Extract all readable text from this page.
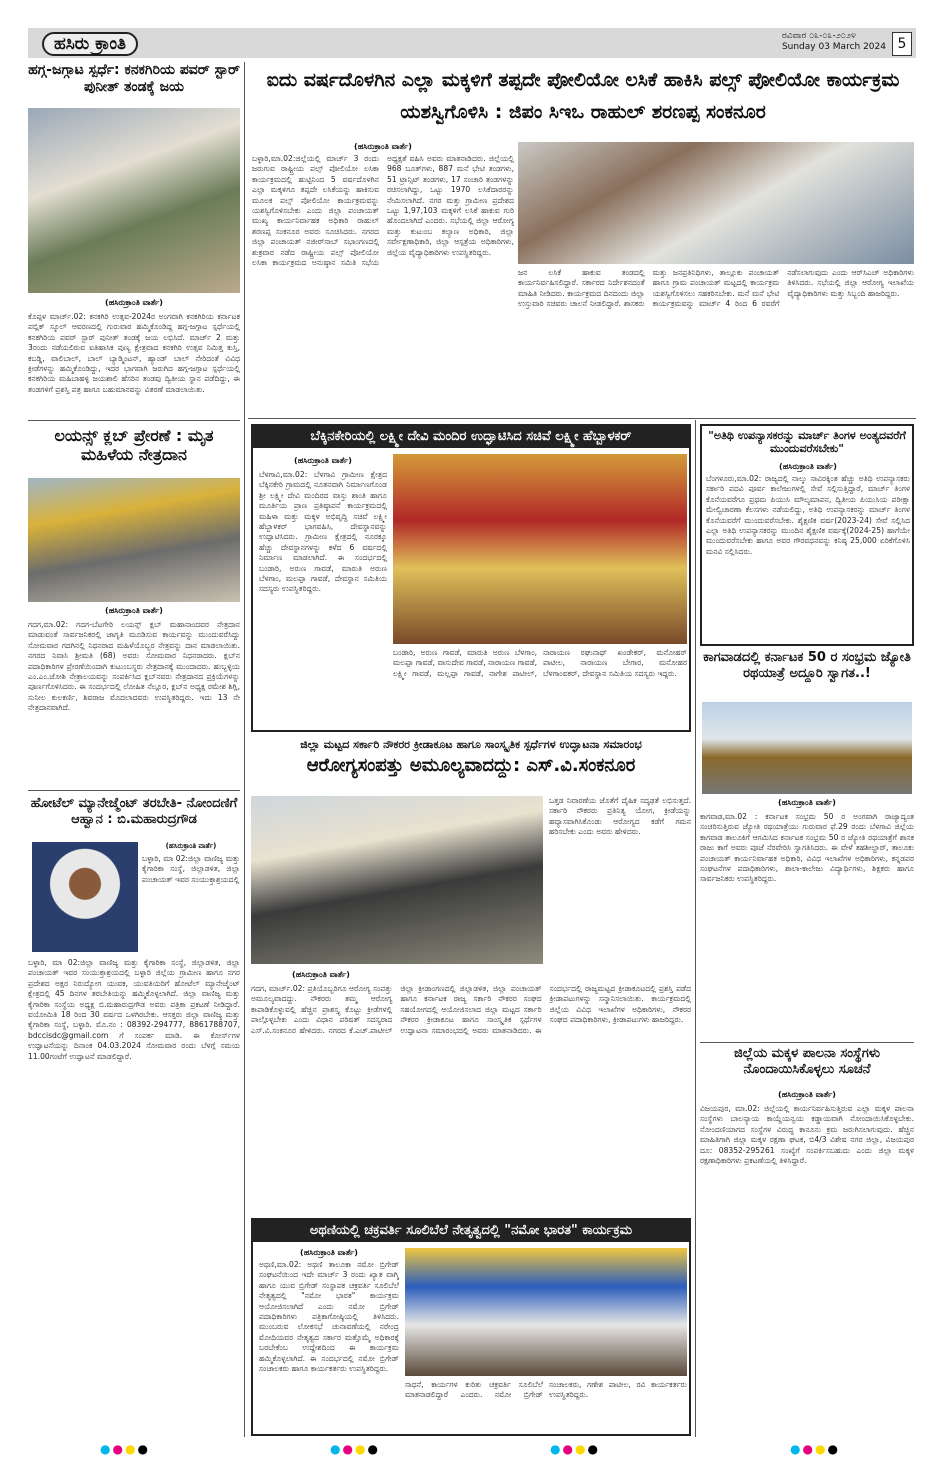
ಹಸಿರು ಕ್ರಾಂತಿ	ರವಿವಾರ ೦೩-೦೩-೨೦೨೪
Sunday 03 March 2024 5
ಹಗ್ಗ-ಜಗ್ಗಾಟ ಸ್ಪರ್ಧೆ: ಕನಕಗಿರಿಯ ಪವರ್ ಸ್ಟಾರ್ ಪುನೀತ್ ತಂಡಕ್ಕೆ ಜಯ
(ಹಸಿರುಕ್ರಾಂತಿ ವಾರ್ತೆ)
ಕೊಪ್ಪಳ ಮಾರ್ಚ್.02: ಕನಕಗಿರಿ ಉತ್ಸವ-2024ರ ಅಂಗವಾಗಿ ಕನಕಗಿರಿಯ ಕರ್ನಾಟಕ ಪಬ್ಲಿಕ್ ಸ್ಕೂಲ್ ಆವರಣದಲ್ಲಿ ಗುರುವಾರ ಹಮ್ಮಿಕೊಂಡಿದ್ದ ಹಗ್ಗ-ಜಗ್ಗಾಟ ಸ್ಪರ್ಧೆಯಲ್ಲಿ ಕನಕಗಿರಿಯ ಪವರ್ ಸ್ಟಾರ್ ಪುನೀತ್ ತಂಡಕ್ಕೆ ಜಯ ಲಭಿಸಿದೆ. ಮಾರ್ಚ್ 2 ಮತ್ತು 3ರಂದು ನಡೆಯಲಿರುವ ಐತಿಹಾಸಿಕ ಪುಣ್ಯ ಕ್ಷೇತ್ರವಾದ ಕನಕಗಿರಿ ಉತ್ಸವ ನಿಮಿತ್ತ ಕುಸ್ತಿ, ಕಬಡ್ಡಿ, ವಾಲಿಬಾಲ್, ಬಾಲ್ ಬ್ಯಾಡ್ಮಿಂಟನ್, ಹ್ಯಾಂಡ್ ಬಾಲ್ ನೇರಿದಂತೆ ವಿವಿಧ ಕ್ರೀಡೆಗಳನ್ನು ಹಮ್ಮಿಕೊಂಡಿದ್ದು, ಇದರ ಭಾಗವಾಗಿ ಜರುಗಿದ ಹಗ್ಗ-ಜಗ್ಗಾಟ ಸ್ಪರ್ಧೆಯಲ್ಲಿ ಕನಕಗಿರಿಯ ಮಹಿಬಾಹಳ್ಳಿ ಜಯಶಾಲಿ ಹೆಸರಿನ ತಂಡವು ದ್ವಿತೀಯ ಸ್ಥಾನ ಪಡೆದಿದ್ದು, ಈ ತಂಡಗಳಿಗೆ ಪ್ರಶಸ್ತಿ ಪತ್ರ ಹಾಗೂ ಬಹುಮಾನವನ್ನು ವಿತರಣೆ ಮಾಡಲಾಯಿತು.
ಲಯನ್ಸ್ ಕ್ಲಬ್ ಪ್ರೇರಣೆ : ಮೃತ ಮಹಿಳೆಯ ನೇತ್ರದಾನ
(ಹಸಿರುಕ್ರಾಂತಿ ವಾರ್ತೆ)
ಗದಗ,ಮಾ.02: ಗದಗ-ಬೆಟಗೇರಿ ಲಯನ್ಸ್ ಕ್ಲಬ್ ಮಹಾನಾಂದವರ ನೇತ್ರದಾನ ಮಾಡುವಂತೆ ಸಾರ್ವಜನಿಕರಲ್ಲಿ ಜಾಗೃತಿ ಮೂಡಿಸುವ ಕಾರ್ಯವನ್ನು ಮುಂದುವರೆಸಿದ್ದು ಸೋಮವಾರ ಗದಗಿನಲ್ಲಿ ನಿಧನರಾದ ಮಹಿಳೆಯೊಬ್ಬರ ನೇತ್ರವನ್ನು ದಾನ ಮಾಡಲಾಯಿತು. ನಗರದ ನಿವಾಸಿ ಶ್ರೀಮತಿ (68) ಅವರು ಸೋಮವಾರ ನಿಧನರಾದರು. ಕ್ಲಬ್‌ನ ಪದಾಧಿಕಾರಿಗಳ ಪ್ರೇರಣೆಯಿಂದಾಗಿ ಕುಟುಂಬಸ್ಥರು ನೇತ್ರದಾನಕ್ಕೆ ಮುಂದಾದರು. ಹುಬ್ಬಳ್ಳಿಯ ಎಂ.ಎಂ.ಜೋಶಿ ನೇತ್ರಾಲಯವನ್ನು ಸಂಪರ್ಕಿಸಿದ ಕ್ಲಬ್‌ನವರು ನೇತ್ರದಾನದ ಪ್ರಕ್ರಿಯೆಗಳನ್ನು ಪೂರ್ಣಗೊಳಿಸಿದರು. ಈ ಸಂದರ್ಭದಲ್ಲಿ ಲೋಹಿತ ನೆಲ್ಲೂರ, ಕ್ಲಬ್‌ನ ಅಧ್ಯಕ್ಷ ರಮೇಶ ಶಿಗ್ಲಿ, ಸುನೀಲ ಕುಲಕರ್ಣಿ, ಶಿವರಾಜ ಮೊದಲಾದವರು ಉಪಸ್ಥಿತರಿದ್ದರು. ಇದು 13 ನೇ ನೇತ್ರದಾನವಾಗಿದೆ.
ಹೋಟೆಲ್ ಮ್ಯಾನೇಜ್ಮೆಂಟ್ ತರಬೇತಿ- ನೋಂದಣಿಗೆ ಆಹ್ವಾನ : ಬಿ.ಮಹಾರುದ್ರಗೌಡ
(ಹಸಿರುಕ್ರಾಂತಿ ವಾರ್ತೆ)
ಬಳ್ಳಾರಿ, ಮಾ 02:ಜಿಲ್ಲಾ ವಾಣಿಜ್ಯ ಮತ್ತು ಕೈಗಾರಿಕಾ ಸಂಸ್ಥೆ, ಜಿಲ್ಲಾಡಳಿತ, ಜಿಲ್ಲಾ ಪಂಚಾಯತ್ ಇವರ ಸಂಯುಕ್ತಾಶ್ರಯದಲ್ಲಿ
ಬಳ್ಳಾರಿ, ಮಾ 02:ಜಿಲ್ಲಾ ವಾಣಿಜ್ಯ ಮತ್ತು ಕೈಗಾರಿಕಾ ಸಂಸ್ಥೆ, ಜಿಲ್ಲಾಡಳಿತ, ಜಿಲ್ಲಾ ಪಂಚಾಯತ್ ಇವರ ಸಂಯುಕ್ತಾಶ್ರಯದಲ್ಲಿ ಬಳ್ಳಾರಿ ಜಿಲ್ಲೆಯ ಗ್ರಾಮೀಣ ಹಾಗೂ ನಗರ ಪ್ರದೇಶದ ಅಕ್ಷರ ನಿರುದ್ಯೋಗ ಯುವಕ, ಯುವತಿಯರಿಗೆ ಹೋಟೆಲ್ ಮ್ಯಾನೇಜ್ಮೆಂಟ್ ಕ್ಷೇತ್ರದಲ್ಲಿ 45 ದಿನಗಳ ತರಬೇತಿಯನ್ನು ಹಮ್ಮಿಕೊಳ್ಳಲಾಗಿದೆ. ಜಿಲ್ಲಾ ವಾಣಿಜ್ಯ ಮತ್ತು ಕೈಗಾರಿಕಾ ಸಂಸ್ಥೆಯ ಅಧ್ಯಕ್ಷ ಬಿ.ಮಹಾರುದ್ರಗೌಡ ಅವರು ಪತ್ರಿಕಾ ಪ್ರಕಟಣೆ ನೀಡಿದ್ದಾರೆ. ವಯೋಮಿತಿ 18 ರಿಂದ 30 ವರ್ಷದ ಒಳಗಿರಬೇಕು. ಆಸಕ್ತರು ಜಿಲ್ಲಾ ವಾಣಿಜ್ಯ ಮತ್ತು ಕೈಗಾರಿಕಾ ಸಂಸ್ಥೆ, ಬಳ್ಳಾರಿ. ಮೊ.ನಂ : 08392-294777, 8861788707, bdccisdc@gmail.com ಗೆ ಸಂಪರ್ಕ ಮಾಡಿ. ಈ ಕೋರ್ಸ್‌ಗಳ ಉದ್ಘಾಟನೆಯನ್ನು ದಿನಾಂಕ 04.03.2024 ಸೋಮವಾರ ರಂದು ಬೆಳಗ್ಗೆ ಸಮಯ 11.00ಗಂಟೆಗೆ ಉದ್ಘಾಟನೆ ಮಾಡಲಿದ್ದಾರೆ.
ಐದು ವರ್ಷದೊಳಗಿನ ಎಲ್ಲಾ ಮಕ್ಕಳಿಗೆ ತಪ್ಪದೇ ಪೋಲಿಯೋ ಲಸಿಕೆ ಹಾಕಿಸಿ ಪಲ್ಸ್ ಪೋಲಿಯೋ ಕಾರ್ಯಕ್ರಮ ಯಶಸ್ವಿಗೊಳಿಸಿ : ಜಿಪಂ ಸಿಇಒ ರಾಹುಲ್ ಶರಣಪ್ಪ ಸಂಕನೂರ
(ಹಸಿರುಕ್ರಾಂತಿ ವಾರ್ತೆ)
ಬಳ್ಳಾರಿ,ಮಾ.02:ಜಿಲ್ಲೆಯಲ್ಲಿ ಮಾರ್ಚ್ 3 ರಂದು ಜರುಗುವ ರಾಷ್ಟ್ರೀಯ ಪಲ್ಸ್ ಪೋಲಿಯೋ ಲಸಿಕಾ ಕಾರ್ಯಕ್ರಮದಲ್ಲಿ ಹುಟ್ಟಿನಿಂದ 5 ವರ್ಷದೊಳಗಿನ ಎಲ್ಲಾ ಮಕ್ಕಳಿಗೂ ತಪ್ಪದೇ ಲಸಿಕೆಯನ್ನು ಹಾಕಿಸುವ ಮೂಲಕ ಪಲ್ಸ್ ಪೋಲಿಯೋ ಕಾರ್ಯಕ್ರಮವನ್ನು ಯಶಸ್ವಿಗೊಳಿಸಬೇಕು ಎಂದು ಜಿಲ್ಲಾ ಪಂಚಾಯತ್ ಮುಖ್ಯ ಕಾರ್ಯನಿರ್ವಾಹಕ ಅಧಿಕಾರಿ ರಾಹುಲ್ ಶರಣಪ್ಪ ಸಂಕನೂರ ಅವರು ಸೂಚಿಸಿದರು. ನಗರದ ಜಿಲ್ಲಾ ಪಂಚಾಯತ್ ನಜೀರ್‌ಸಾಬ್ ಸಭಾಂಗಣದಲ್ಲಿ ಶುಕ್ರವಾರ ನಡೆದ ರಾಷ್ಟ್ರೀಯ ಪಲ್ಸ್ ಪೋಲಿಯೋ ಲಸಿಕಾ ಕಾರ್ಯಕ್ರಮದ ಅನುಷ್ಠಾನ ಸಮಿತಿ ಸಭೆಯ ಅಧ್ಯಕ್ಷತೆ ವಹಿಸಿ ಅವರು ಮಾತನಾಡಿದರು. ಜಿಲ್ಲೆಯಲ್ಲಿ 968 ಬೂತ್‌ಗಳು, 887 ಮನೆ ಭೇಟಿ ತಂಡಗಳು, 51 ಟ್ರಾನ್ಸಿಟ್ ತಂಡಗಳು, 17 ಸಂಚಾರಿ ತಂಡಗಳನ್ನು ರಚಿಸಲಾಗಿದ್ದು, ಒಟ್ಟು 1970 ಲಸಿಕೆದಾರರನ್ನು ನೇಮಿಸಲಾಗಿದೆ. ನಗರ ಮತ್ತು ಗ್ರಾಮೀಣ ಪ್ರದೇಶದ ಒಟ್ಟು 1,97,103 ಮಕ್ಕಳಿಗೆ ಲಸಿಕೆ ಹಾಕುವ ಗುರಿ ಹೊಂದಲಾಗಿದೆ ಎಂದರು. ಸಭೆಯಲ್ಲಿ ಜಿಲ್ಲಾ ಆರೋಗ್ಯ ಮತ್ತು ಕುಟುಂಬ ಕಲ್ಯಾಣ ಅಧಿಕಾರಿ, ಜಿಲ್ಲಾ ಸರ್ವೇಕ್ಷಣಾಧಿಕಾರಿ, ಜಿಲ್ಲಾ ಆಸ್ಪತ್ರೆಯ ಅಧಿಕಾರಿಗಳು, ಜಿಲ್ಲೆಯ ವೈದ್ಯಾಧಿಕಾರಿಗಳು ಉಪಸ್ಥಿತರಿದ್ದರು.
ಜನ ಲಸಿಕೆ ಹಾಕುವ ತಂಡದಲ್ಲಿ ಕಾರ್ಯನಿರ್ವಹಿಸಲಿದ್ದಾರೆ. ಸರ್ಕಾರದ ನಿರ್ದೇಶನದಂತೆ ಮಾಹಿತಿ ನೀಡಿದರು. ಕಾರ್ಯಕ್ರಮದ ದಿನದಂದು ಜಿಲ್ಲಾ ಉಸ್ತುವಾರಿ ಸಚಿವರು ಚಾಲನೆ ನೀಡಲಿದ್ದಾರೆ. ಶಾಸಕರು ಮತ್ತು ಜನಪ್ರತಿನಿಧಿಗಳು, ತಾಲ್ಲೂಕು ಪಂಚಾಯತ್ ಹಾಗೂ ಗ್ರಾಮ ಪಂಚಾಯತ್ ಮಟ್ಟದಲ್ಲಿ ಕಾರ್ಯಕ್ರಮ ಯಶಸ್ವಿಗೊಳಿಸಲು ಸಹಕರಿಸಬೇಕು. ಮನೆ ಮನೆ ಭೇಟಿ ಕಾರ್ಯಕ್ರಮವನ್ನು ಮಾರ್ಚ್ 4 ರಿಂದ 6 ರವರೆಗೆ ನಡೆಸಲಾಗುವುದು ಎಂದು ಆರ್‌ಸಿಎಚ್ ಅಧಿಕಾರಿಗಳು ತಿಳಿಸಿದರು. ಸಭೆಯಲ್ಲಿ ಜಿಲ್ಲಾ ಆರೋಗ್ಯ ಇಲಾಖೆಯ ವೈದ್ಯಾಧಿಕಾರಿಗಳು ಮತ್ತು ಸಿಬ್ಬಂದಿ ಹಾಜರಿದ್ದರು.
ಬೆಕ್ಕಿನಕೇರಿಯಲ್ಲಿ ಲಕ್ಷ್ಮೀ ದೇವಿ ಮಂದಿರ ಉದ್ಘಾಟಿಸಿದ ಸಚಿವೆ ಲಕ್ಷ್ಮೀ ಹೆಬ್ಬಾಳಕರ್
(ಹಸಿರುಕ್ರಾಂತಿ ವಾರ್ತೆ)
ಬೆಳಗಾವಿ,ಮಾ.02: ಬೆಳಗಾವಿ ಗ್ರಾಮೀಣ ಕ್ಷೇತ್ರದ ಬೆಕ್ಕಿನಕೇರಿ ಗ್ರಾಮದಲ್ಲಿ ನೂತನವಾಗಿ ನಿರ್ಮಾಣಗೊಂಡ ಶ್ರೀ ಲಕ್ಷ್ಮೀ ದೇವಿ ಮಂದಿರದ ವಾಸ್ತು ಶಾಂತಿ ಹಾಗೂ ಮೂರ್ತಿಯ ಪ್ರಾಣ ಪ್ರತಿಷ್ಠಾಪನೆ ಕಾರ್ಯಕ್ರಮದಲ್ಲಿ ಮಹಿಳಾ ಮತ್ತು ಮಕ್ಕಳ ಅಭಿವೃದ್ಧಿ ಸಚಿವೆ ಲಕ್ಷ್ಮೀ ಹೆಬ್ಬಾಳಕರ್ ಭಾಗವಹಿಸಿ, ದೇವಸ್ಥಾನವನ್ನು ಉದ್ಘಾಟಿಸಿದರು. ಗ್ರಾಮೀಣ ಕ್ಷೇತ್ರದಲ್ಲಿ ನೂರಕ್ಕೂ ಹೆಚ್ಚು ದೇವಸ್ಥಾನಗಳನ್ನು ಕಳೆದ 6 ವರ್ಷದಲ್ಲಿ ನಿರ್ಮಾಣ ಮಾಡಲಾಗಿದೆ. ಈ ಸಂದರ್ಭದಲ್ಲಿ ಬಂಡಾರಿ, ಅರುಣ ಗಾವಡೆ, ಮಾರುತಿ ಅರುಣ ಬೆಳಗಾಂ, ಮಲಪ್ಪಾ ಗಾವಡೆ, ದೇವಸ್ಥಾನ ಸಮಿತಿಯ ಸದಸ್ಯರು ಉಪಸ್ಥಿತರಿದ್ದರು.
ಬಂಡಾರಿ, ಅರುಣ ಗಾವಡೆ, ಮಾರುತಿ ಅರುಣ ಬೆಳಗಾಂ, ಮಲಪ್ಪಾ ಗಾವಡೆ, ವಾಸುದೇವ ಗಾವಡೆ, ನಾರಾಯಣ ಗಾವಡೆ, ಲಕ್ಷ್ಮೀ ಗಾವಡೆ, ಮಲ್ಲಪ್ಪಾ ಗಾವಡೆ, ನಾಗೇಶ ಪಾಟೀಲ್, ನಾರಾಯಣ ರಘುನಾಥ್ ಖಂಡೇಕರ್, ಮನೋಹರ್ ಪಾಟೀಲ, ನಾರಾಯಣ ಬೇಗಾರ, ಮನೋಹರ ಬೆಳಗಾಂವಕರ್, ದೇವಸ್ಥಾನ ಸಮಿತಿಯ ಸದಸ್ಯರು ಇದ್ದರು.
"ಅತಿಥಿ ಉಪನ್ಯಾಸಕರನ್ನು ಮಾರ್ಚ್ ತಿಂಗಳ ಅಂತ್ಯದವರೆಗೆ ಮುಂದುವರೆಸಬೇಕು"
(ಹಸಿರುಕ್ರಾಂತಿ ವಾರ್ತೆ)
ಬೆಂಗಳೂರು,ಮಾ.02: ರಾಜ್ಯದಲ್ಲಿ ನಾಲ್ಕು ಸಾವಿರಕ್ಕಿಂತ ಹೆಚ್ಚು ಅತಿಥಿ ಉಪನ್ಯಾಸಕರು ಸರ್ಕಾರಿ ಪದವಿ ಪೂರ್ವ ಕಾಲೇಜುಗಳಲ್ಲಿ ಸೇವೆ ಸಲ್ಲಿಸುತ್ತಿದ್ದಾರೆ, ಮಾರ್ಚ್ ತಿಂಗಳ ಕೊನೆಯವರೆಗೂ ಪ್ರಥಮ ಪಿಯುಸಿ ಮೌಲ್ಯಮಾಪನ, ದ್ವಿತೀಯ ಪಿಯುಸಿಯ ಪರೀಕ್ಷಾ ಮೇಲ್ವಿಚಾರಣಾ ಕೆಲಸಗಳು ನಡೆಯಲಿದ್ದು, ಅತಿಥಿ ಉಪನ್ಯಾಸಕರನ್ನು ಮಾರ್ಚ್ ತಿಂಗಳ ಕೊನೆಯವರೆಗೆ ಮುಂದುವರೆಸಬೇಕು. ಶೈಕ್ಷಣಿಕ ವರ್ಷ(2023-24) ಸೇವೆ ಸಲ್ಲಿಸಿದ ಎಲ್ಲಾ ಅತಿಥಿ ಉಪನ್ಯಾಸಕರನ್ನು ಮುಂದಿನ ಶೈಕ್ಷಣಿಕ ವರ್ಷಕ್ಕೆ(2024-25) ಹಾಗೆಯೇ ಮುಂದುವರೆಸಬೇಕು ಹಾಗೂ ಅವರ ಗೌರವಧನವನ್ನು ಕನಿಷ್ಠ 25,000 ಏರಿಕೆಗೊಳಿಸಿ ಮನವಿ ಸಲ್ಲಿಸಿದರು.
ಕಾಗವಾಡದಲ್ಲಿ ಕರ್ನಾಟಕ 50 ರ ಸಂಭ್ರಮ ಜ್ಯೋತಿ ರಥಯಾತ್ರೆ ಅದ್ದೂರಿ ಸ್ವಾಗತ..!
(ಹಸಿರುಕ್ರಾಂತಿ ವಾರ್ತೆ)
ಕಾಗವಾಡ,ಮಾ.02 : ಕರ್ನಾಟಕ ಸಂಭ್ರಮ 50 ರ ಅಂಗವಾಗಿ ರಾಜ್ಯಾದ್ಯಂತ ಸಂಚರಿಸುತ್ತಿರುವ ಜ್ಯೋತಿ ರಥಯಾತ್ರೆಯು ಗುರುವಾರ ಫೆ.29 ರಂದು ಬೆಳಗಾವಿ ಜಿಲ್ಲೆಯ ಕಾಗವಾಡ ತಾಲೂಕಿಗೆ ಆಗಮಿಸಿದ ಕರ್ನಾಟಕ ಸಂಭ್ರಮ 50 ರ ಜ್ಯೋತಿ ರಥಯಾತ್ರೆಗೆ ಶಾಸಕ ರಾಜು ಕಾಗೆ ಅವರು ಪೂಜೆ ನೆರವೇರಿಸಿ ಸ್ವಾಗತಿಸಿದರು. ಈ ವೇಳೆ ತಹಶೀಲ್ದಾರ್, ತಾಲೂಕು ಪಂಚಾಯತ್ ಕಾರ್ಯನಿರ್ವಾಹಕ ಅಧಿಕಾರಿ, ವಿವಿಧ ಇಲಾಖೆಗಳ ಅಧಿಕಾರಿಗಳು, ಕನ್ನಡಪರ ಸಂಘಟನೆಗಳ ಪದಾಧಿಕಾರಿಗಳು, ಶಾಲಾ-ಕಾಲೇಜು ವಿದ್ಯಾರ್ಥಿಗಳು, ಶಿಕ್ಷಕರು ಹಾಗೂ ಸಾರ್ವಜನಿಕರು ಉಪಸ್ಥಿತರಿದ್ದರು.
ಜಿಲ್ಲೆಯ ಮಕ್ಕಳ ಪಾಲನಾ ಸಂಸ್ಥೆಗಳು ನೊಂದಾಯಿಸಿಕೊಳ್ಳಲು ಸೂಚನೆ
(ಹಸಿರುಕ್ರಾಂತಿ ವಾರ್ತೆ)
ವಿಜಯಪುರ, ಮಾ.02: ಜಿಲ್ಲೆಯಲ್ಲಿ ಕಾರ್ಯನಿರ್ವಹಿಸುತ್ತಿರುವ ಎಲ್ಲಾ ಮಕ್ಕಳ ಪಾಲನಾ ಸಂಸ್ಥೆಗಳು ಬಾಲನ್ಯಾಯ ಕಾಯ್ದೆಯನ್ವಯ ಕಡ್ಡಾಯವಾಗಿ ನೋಂದಾಯಿಸಿಕೊಳ್ಳಬೇಕು. ನೋಂದಣಿಯಾಗದ ಸಂಸ್ಥೆಗಳ ವಿರುದ್ಧ ಕಾನೂನು ಕ್ರಮ ಜರುಗಿಸಲಾಗುವುದು. ಹೆಚ್ಚಿನ ಮಾಹಿತಿಗಾಗಿ ಜಿಲ್ಲಾ ಮಕ್ಕಳ ರಕ್ಷಣಾ ಘಟಕ, ಬಿ4/3 ವಿಶೇಷ ನಗರ ಜಿಲ್ಲಾ, ವಿಜಯಪುರ ದೂ: 08352-295261 ಸಂಖ್ಯೆಗೆ ಸಂಪರ್ಕಿಸಬಹುದು ಎಂದು ಜಿಲ್ಲಾ ಮಕ್ಕಳ ರಕ್ಷಣಾಧಿಕಾರಿಗಳು ಪ್ರಕಟಣೆಯಲ್ಲಿ ತಿಳಿಸಿದ್ದಾರೆ.
ಜಿಲ್ಲಾ ಮಟ್ಟದ ಸರ್ಕಾರಿ ನೌಕರರ ಕ್ರೀಡಾಕೂಟ ಹಾಗೂ ಸಾಂಸ್ಕೃತಿಕ ಸ್ಪರ್ಧೆಗಳ ಉದ್ಘಾಟನಾ ಸಮಾರಂಭ
ಆರೋಗ್ಯಸಂಪತ್ತು ಅಮೂಲ್ಯವಾದದ್ದು: ಎಸ್.ವಿ.ಸಂಕನೂರ
ಒತ್ತಡ ನಿವಾರಣೆಯ ಜೊತೆಗೆ ದೈಹಿಕ ಸದೃಢತೆ ಲಭಿಸುತ್ತದೆ. ಸರ್ಕಾರಿ ನೌಕರರು ಪ್ರತಿನಿತ್ಯ ಯೋಗ, ಕ್ರೀಡೆಯನ್ನು ಹವ್ಯಾಸವಾಗಿಸಿಕೊಂಡು ಆರೋಗ್ಯದ ಕಡೆಗೆ ಗಮನ ಹರಿಸಬೇಕು ಎಂದು ಅವರು ಹೇಳಿದರು.
(ಹಸಿರುಕ್ರಾಂತಿ ವಾರ್ತೆ)
ಗದಗ, ಮಾರ್ಚ್.02: ಪ್ರತಿಯೊಬ್ಬರಿಗೂ ಆರೋಗ್ಯ ಸಂಪತ್ತು ಅಮೂಲ್ಯವಾದದ್ದು. ನೌಕರರು ತಮ್ಮ ಆರೋಗ್ಯ ಕಾಪಾಡಿಕೊಳ್ಳುವಲ್ಲಿ ಹೆಚ್ಚಿನ ಪ್ರಾಶಸ್ತ್ಯ ಕೊಟ್ಟು ಕ್ರೀಡೆಗಳಲ್ಲಿ ಪಾಲ್ಗೊಳ್ಳಬೇಕು ಎಂದು ವಿಧಾನ ಪರಿಷತ್ ಸದಸ್ಯರಾದ ಎಸ್.ವಿ.ಸಂಕನೂರ ಹೇಳಿದರು. ನಗರದ ಕೆ.ಎಚ್.ಪಾಟೀಲ್ ಜಿಲ್ಲಾ ಕ್ರೀಡಾಂಗಣದಲ್ಲಿ ಜಿಲ್ಲಾಡಳಿತ, ಜಿಲ್ಲಾ ಪಂಚಾಯತ್ ಹಾಗೂ ಕರ್ನಾಟಕ ರಾಜ್ಯ ಸರ್ಕಾರಿ ನೌಕರರ ಸಂಘದ ಸಹಯೋಗದಲ್ಲಿ ಆಯೋಜಿಸಲಾದ ಜಿಲ್ಲಾ ಮಟ್ಟದ ಸರ್ಕಾರಿ ನೌಕರರ ಕ್ರೀಡಾಕೂಟ ಹಾಗೂ ಸಾಂಸ್ಕೃತಿಕ ಸ್ಪರ್ಧೆಗಳ ಉದ್ಘಾಟನಾ ಸಮಾರಂಭದಲ್ಲಿ ಅವರು ಮಾತನಾಡಿದರು. ಈ ಸಂದರ್ಭದಲ್ಲಿ ರಾಜ್ಯಮಟ್ಟದ ಕ್ರೀಡಾಕೂಟದಲ್ಲಿ ಪ್ರಶಸ್ತಿ ಪಡೆದ ಕ್ರೀಡಾಪಟುಗಳನ್ನು ಸನ್ಮಾನಿಸಲಾಯಿತು. ಕಾರ್ಯಕ್ರಮದಲ್ಲಿ ಜಿಲ್ಲೆಯ ವಿವಿಧ ಇಲಾಖೆಗಳ ಅಧಿಕಾರಿಗಳು, ನೌಕರರ ಸಂಘದ ಪದಾಧಿಕಾರಿಗಳು, ಕ್ರೀಡಾಪಟುಗಳು ಹಾಜರಿದ್ದರು.
ಅಥಣಿಯಲ್ಲಿ ಚಕ್ರವರ್ತಿ ಸೂಲಿಬೆಲೆ ನೇತೃತ್ವದಲ್ಲಿ "ನಮೋ ಭಾರತ" ಕಾರ್ಯಕ್ರಮ
(ಹಸಿರುಕ್ರಾಂತಿ ವಾರ್ತೆ)
ಅಥಣಿ,ಮಾ.02: ಅಥಣಿ ತಾಲೂಕಾ ನಮೋ ಬ್ರಿಗೇಡ್ ಸಂಘಟನೆಯಿಂದ ಇದೇ ಮಾರ್ಚ್ 3 ರಂದು ಖ್ಯಾತ ವಾಗ್ಮಿ ಹಾಗೂ ಯುವ ಬ್ರಿಗೇಡ್ ಸಂಸ್ಥಾಪಕ ಚಕ್ರವರ್ತಿ ಸೂಲಿಬೆಲೆ ನೇತೃತ್ವದಲ್ಲಿ "ನಮೋ ಭಾರತ" ಕಾರ್ಯಕ್ರಮ ಆಯೋಜಿಸಲಾಗಿದೆ ಎಂದು ನಮೋ ಬ್ರಿಗೇಡ್ ಪದಾಧಿಕಾರಿಗಳು ಪತ್ರಿಕಾಗೋಷ್ಠಿಯಲ್ಲಿ ತಿಳಿಸಿದರು. ಮುಂಬರುವ ಲೋಕಸಭೆ ಚುನಾವಣೆಯಲ್ಲಿ ನರೇಂದ್ರ ಮೋದಿಯವರ ನೇತೃತ್ವದ ಸರ್ಕಾರ ಮತ್ತೊಮ್ಮೆ ಅಧಿಕಾರಕ್ಕೆ ಬರಬೇಕೆಂಬ ಉದ್ದೇಶದಿಂದ ಈ ಕಾರ್ಯಕ್ರಮ ಹಮ್ಮಿಕೊಳ್ಳಲಾಗಿದೆ. ಈ ಸಂದರ್ಭದಲ್ಲಿ ನಮೋ ಬ್ರಿಗೇಡ್ ಸಂಚಾಲಕರು ಹಾಗೂ ಕಾರ್ಯಕರ್ತರು ಉಪಸ್ಥಿತರಿದ್ದರು.
ಸಾಧನೆ, ಕಾರ್ಯಗಳ ಕುರಿತು ಚಕ್ರವರ್ತಿ ಸೂಲಿಬೆಲೆ ಮಾತನಾಡಲಿದ್ದಾರೆ ಎಂದರು. ನಮೋ ಬ್ರಿಗೇಡ್ ಸಂಚಾಲಕರು, ಗಣೇಶ ಪಾಟೀಲ, ರವಿ ಕಾರ್ಯಕರ್ತರು ಉಪಸ್ಥಿತರಿದ್ದರು.
●●●●	●●●●	●●●●	●●●●
